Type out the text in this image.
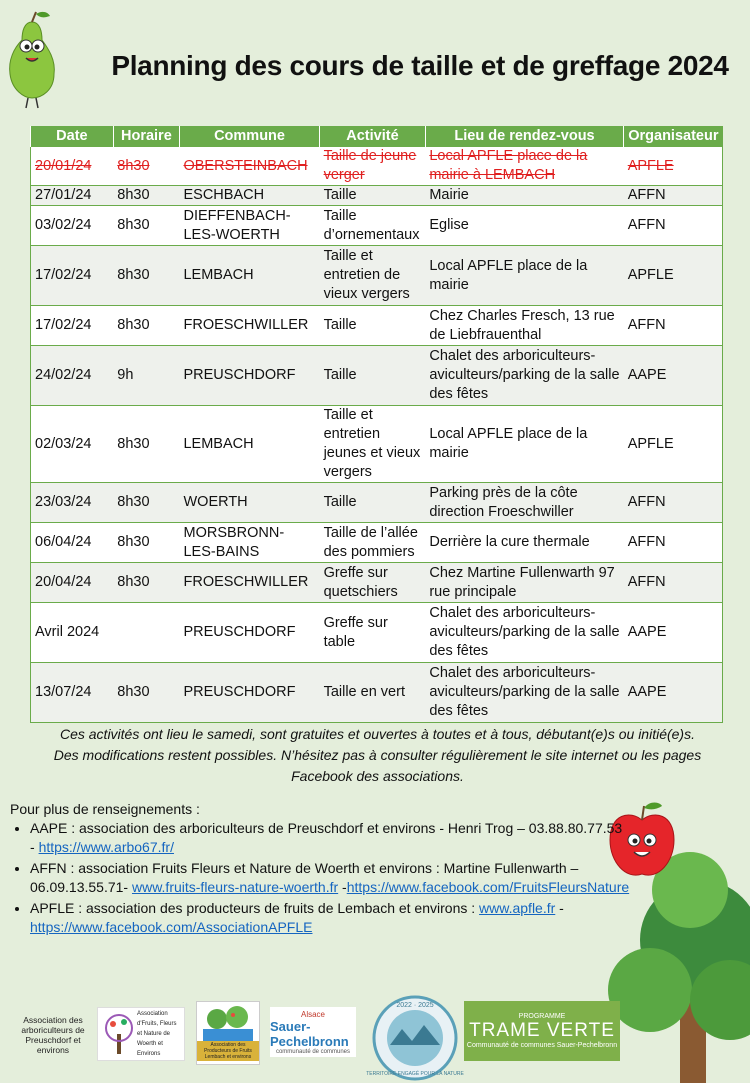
Planning des cours de taille et de greffage 2024
Date	Horaire	Commune	Activité	Lieu de rendez-vous	Organisateur
20/01/24	8h30	OBERSTEINBACH	Taille de jeune verger	Local APFLE place de la mairie à LEMBACH	APFLE
27/01/24	8h30	ESCHBACH	Taille	Mairie	AFFN
03/02/24	8h30	DIEFFENBACH-LES-WOERTH	Taille d’ornementaux	Eglise	AFFN
17/02/24	8h30	LEMBACH	Taille et entretien de vieux vergers	Local APFLE place de la mairie	APFLE
17/02/24	8h30	FROESCHWILLER	Taille	Chez Charles Fresch, 13 rue de Liebfrauenthal	AFFN
24/02/24	9h	PREUSCHDORF	Taille	Chalet des arboriculteurs-aviculteurs/parking de la salle des fêtes	AAPE
02/03/24	8h30	LEMBACH	Taille et entretien jeunes et vieux vergers	Local APFLE place de la mairie	APFLE
23/03/24	8h30	WOERTH	Taille	Parking près de la côte direction Froeschwiller	AFFN
06/04/24	8h30	MORSBRONN-LES-BAINS	Taille de l’allée des pommiers	Derrière la cure thermale	AFFN
20/04/24	8h30	FROESCHWILLER	Greffe sur quetschiers	Chez Martine Fullenwarth 97 rue principale	AFFN
Avril 2024		PREUSCHDORF	Greffe sur table	Chalet des arboriculteurs-aviculteurs/parking de la salle des fêtes	AAPE
13/07/24	8h30	PREUSCHDORF	Taille en vert	Chalet des arboriculteurs-aviculteurs/parking de la salle des fêtes	AAPE
Ces activités ont lieu le samedi, sont gratuites et ouvertes à toutes et à tous, débutant(e)s ou initié(e)s.
Des modifications restent possibles. N’hésitez pas à consulter régulièrement le site internet ou les pages
Facebook des associations.
Pour plus de renseignements :
• AAPE : association des arboriculteurs de Preuschdorf et environs - Henri Trog – 03.88.80.77.53 - https://www.arbo67.fr/
• AFFN : association Fruits Fleurs et Nature de Woerth et environs : Martine Fullenwarth – 06.09.13.55.71- www.fruits-fleurs-nature-woerth.fr -https://www.facebook.com/FruitsFleursNature
• APFLE : association des producteurs de fruits de Lembach et environs : www.apfle.fr - https://www.facebook.com/AssociationAPFLE
Association des arboriculteurs de Preuschdorf et environs
Association d'Fruits, Fleurs et Nature de Woerth et Environs
Association des Producteurs de Fruits Lembach et environs
Alsace
Sauer-Pechelbronn
communauté de communes
2022 · 2025
TERRITOIRE ENGAGÉ POUR LA NATURE
PROGRAMME
TRAME VERTE
Communauté de communes Sauer-Pechelbronn
